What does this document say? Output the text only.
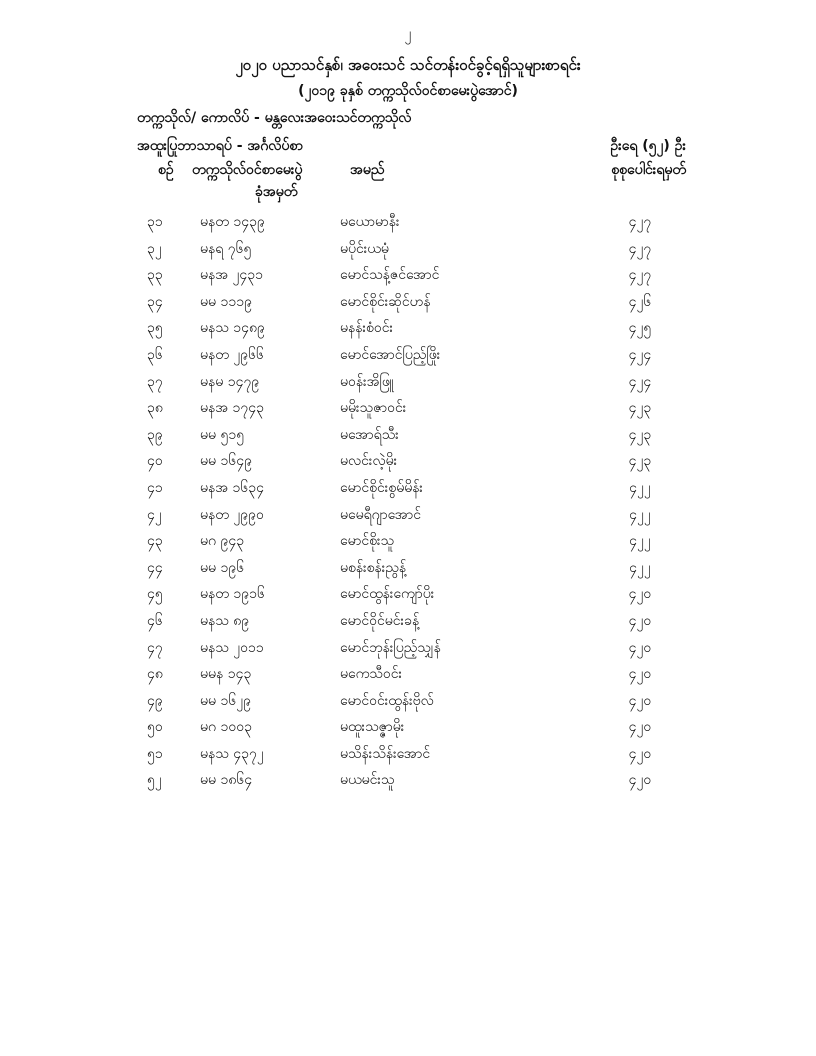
၂
၂၀၂၀ ပညာသင်နှစ်၊ အဝေးသင် သင်တန်းဝင်ခွင့်ရရှိသူများစာရင်း
(၂၀၁၉ ခုနှစ် တက္ကသိုလ်ဝင်စာမေးပွဲအောင်)
တက္ကသိုလ်/ ကောလိပ် - မန္တလေးအဝေးသင်တက္ကသိုလ်
အထူးပြုဘာသာရပ် - အင်္ဂလိပ်စာ	ဦးရေ (၅၂) ဦး
စဉ် တက္ကသိုလ်ဝင်စာမေးပွဲ
ခုံအမှတ်
အမည်	စုစုပေါင်းရမှတ်
၃၁	မနတ ၁၄၃၉	မယောမာနီး	၄၂၇
၃၂	မနရ ၇၆၅	မပိုင်းယမုံ	၄၂၇
၃၃	မနအ ၂၄၃၁	မောင်သန့်ဇင်အောင်	၄၂၇
၃၄	မမ ၁၁၁၉	မောင်စိုင်းဆိုင်ဟန်	၄၂၆
၃၅	မနသ ၁၄၈၉	မနန်းစံဝင်း	၄၂၅
၃၆	မနတ ၂၉၆၆	မောင်အောင်ပြည့်ဖြိုး	၄၂၄
၃၇	မနမ ၁၄၇၉	မဝန်းအိဖြူ	၄၂၄
၃၈	မနအ ၁၇၄၃	မမိုးသူဇာဝင်း	၄၂၃
၃၉	မမ ၅၁၅	မအောရ်သီး	၄၂၃
၄၀	မမ ၁၆၄၉	မလင်းလဲ့မိုး	၄၂၃
၄၁	မနအ ၁၆၃၄	မောင်စိုင်းစွမ်မိန်း	၄၂၂
၄၂	မနတ ၂၉၉၀	မမေရီဂျာအောင်	၄၂၂
၄၃	မဂ ၉၄၃	မောင်စိုးသူ	၄၂၂
၄၄	မမ ၁၉၆	မစန်းစန်းညွန့်	၄၂၂
၄၅	မနတ ၁၉၁၆	မောင်ထွန်းကျော်ပိုး	၄၂၀
၄၆	မနသ ၈၉	မောင်ဝိုင်မင်းခန့်	၄၂၀
၄၇	မနသ ၂၀၁၁	မောင်ဘုန်းပြည့်သျှန်	၄၂၀
၄၈	မမန ၁၄၃	မကေသီဝင်း	၄၂၀
၄၉	မမ ၁၆၂၉	မောင်ဝင်းထွန်းဗိုလ်	၄၂၀
၅၀	မဂ ၁၀၀၃	မထူးသဇ္ဇာမိုး	၄၂၀
၅၁	မနသ ၄၃၇၂	မသိန်းသိန်းအောင်	၄၂၀
၅၂	မမ ၁၈၆၄	မယမင်းသူ	၄၂၀
